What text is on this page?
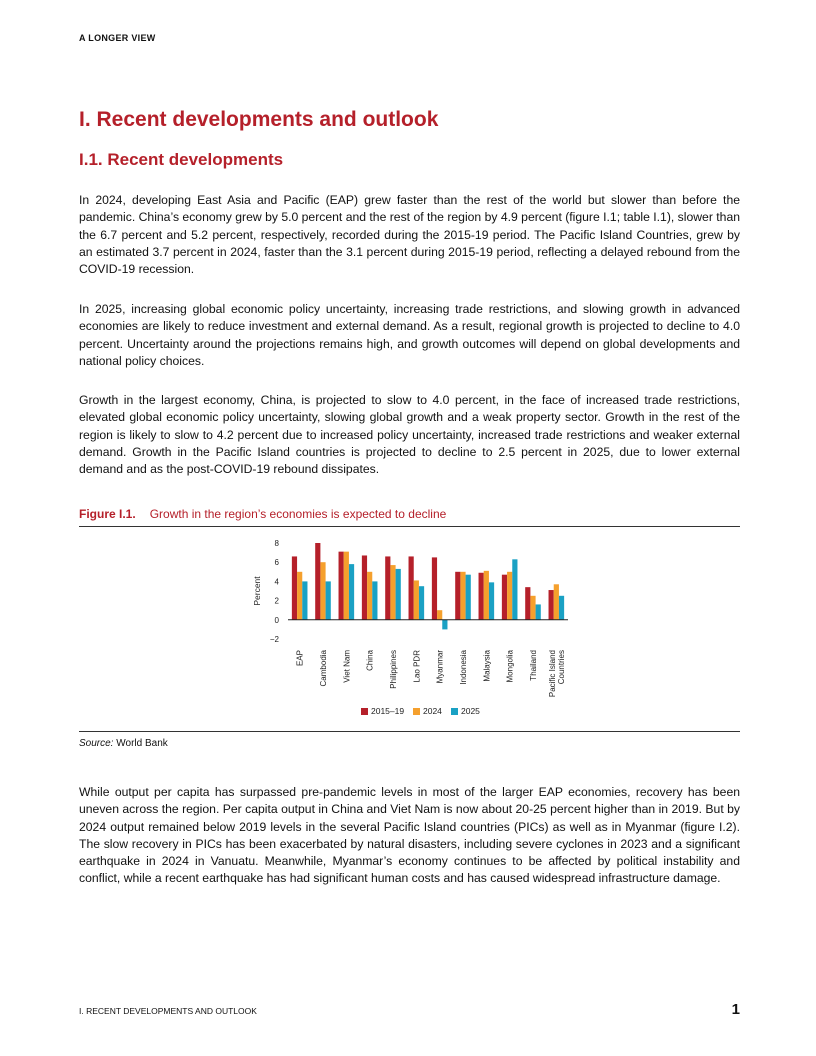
A LONGER VIEW
I. Recent developments and outlook
I.1. Recent developments

In 2024, developing East Asia and Pacific (EAP) grew faster than the rest of the world but slower than before the pandemic. China’s economy grew by 5.0 percent and the rest of the region by 4.9 percent (figure I.1; table I.1), slower than the 6.7 percent and 5.2 percent, respectively, recorded during the 2015-19 period. The Pacific Island Countries, grew by an estimated 3.7 percent in 2024, faster than the 3.1 percent during 2015-19 period, reflecting a delayed rebound from the COVID-19 recession.

In 2025, increasing global economic policy uncertainty, increasing trade restrictions, and slowing growth in advanced economies are likely to reduce investment and external demand. As a result, regional growth is projected to decline to 4.0 percent. Uncertainty around the projections remains high, and growth outcomes will depend on global developments and national policy choices.

Growth in the largest economy, China, is projected to slow to 4.0 percent, in the face of increased trade restrictions, elevated global economic policy uncertainty, slowing global growth and a weak property sector. Growth in the rest of the region is likely to slow to 4.2 percent due to increased policy uncertainty, increased trade restrictions and weaker external demand. Growth in the Pacific Island countries is projected to decline to 2.5 percent in 2025, due to lower external demand and as the post-COVID-19 rebound dissipates.

Figure I.1. Growth in the region’s economies is expected to decline
8
6
4
2
0
−2
Percent
EAP Cambodia Viet Nam China Philippines Lao PDR Myanmar Indonesia Malaysia Mongolia Thailand Pacific IslandCountries
2015–19 2024 2025
Source: World Bank

While output per capita has surpassed pre-pandemic levels in most of the larger EAP economies, recovery has been uneven across the region. Per capita output in China and Viet Nam is now about 20-25 percent higher than in 2019. But by 2024 output remained below 2019 levels in the several Pacific Island countries (PICs) as well as in Myanmar (figure I.2). The slow recovery in PICs has been exacerbated by natural disasters, including severe cyclones in 2023 and a significant earthquake in 2024 in Vanuatu. Meanwhile, Myanmar’s economy continues to be affected by political instability and conflict, while a recent earthquake has had significant human costs and has caused widespread infrastructure damage.

I. RECENT DEVELOPMENTS AND OUTLOOK	1
